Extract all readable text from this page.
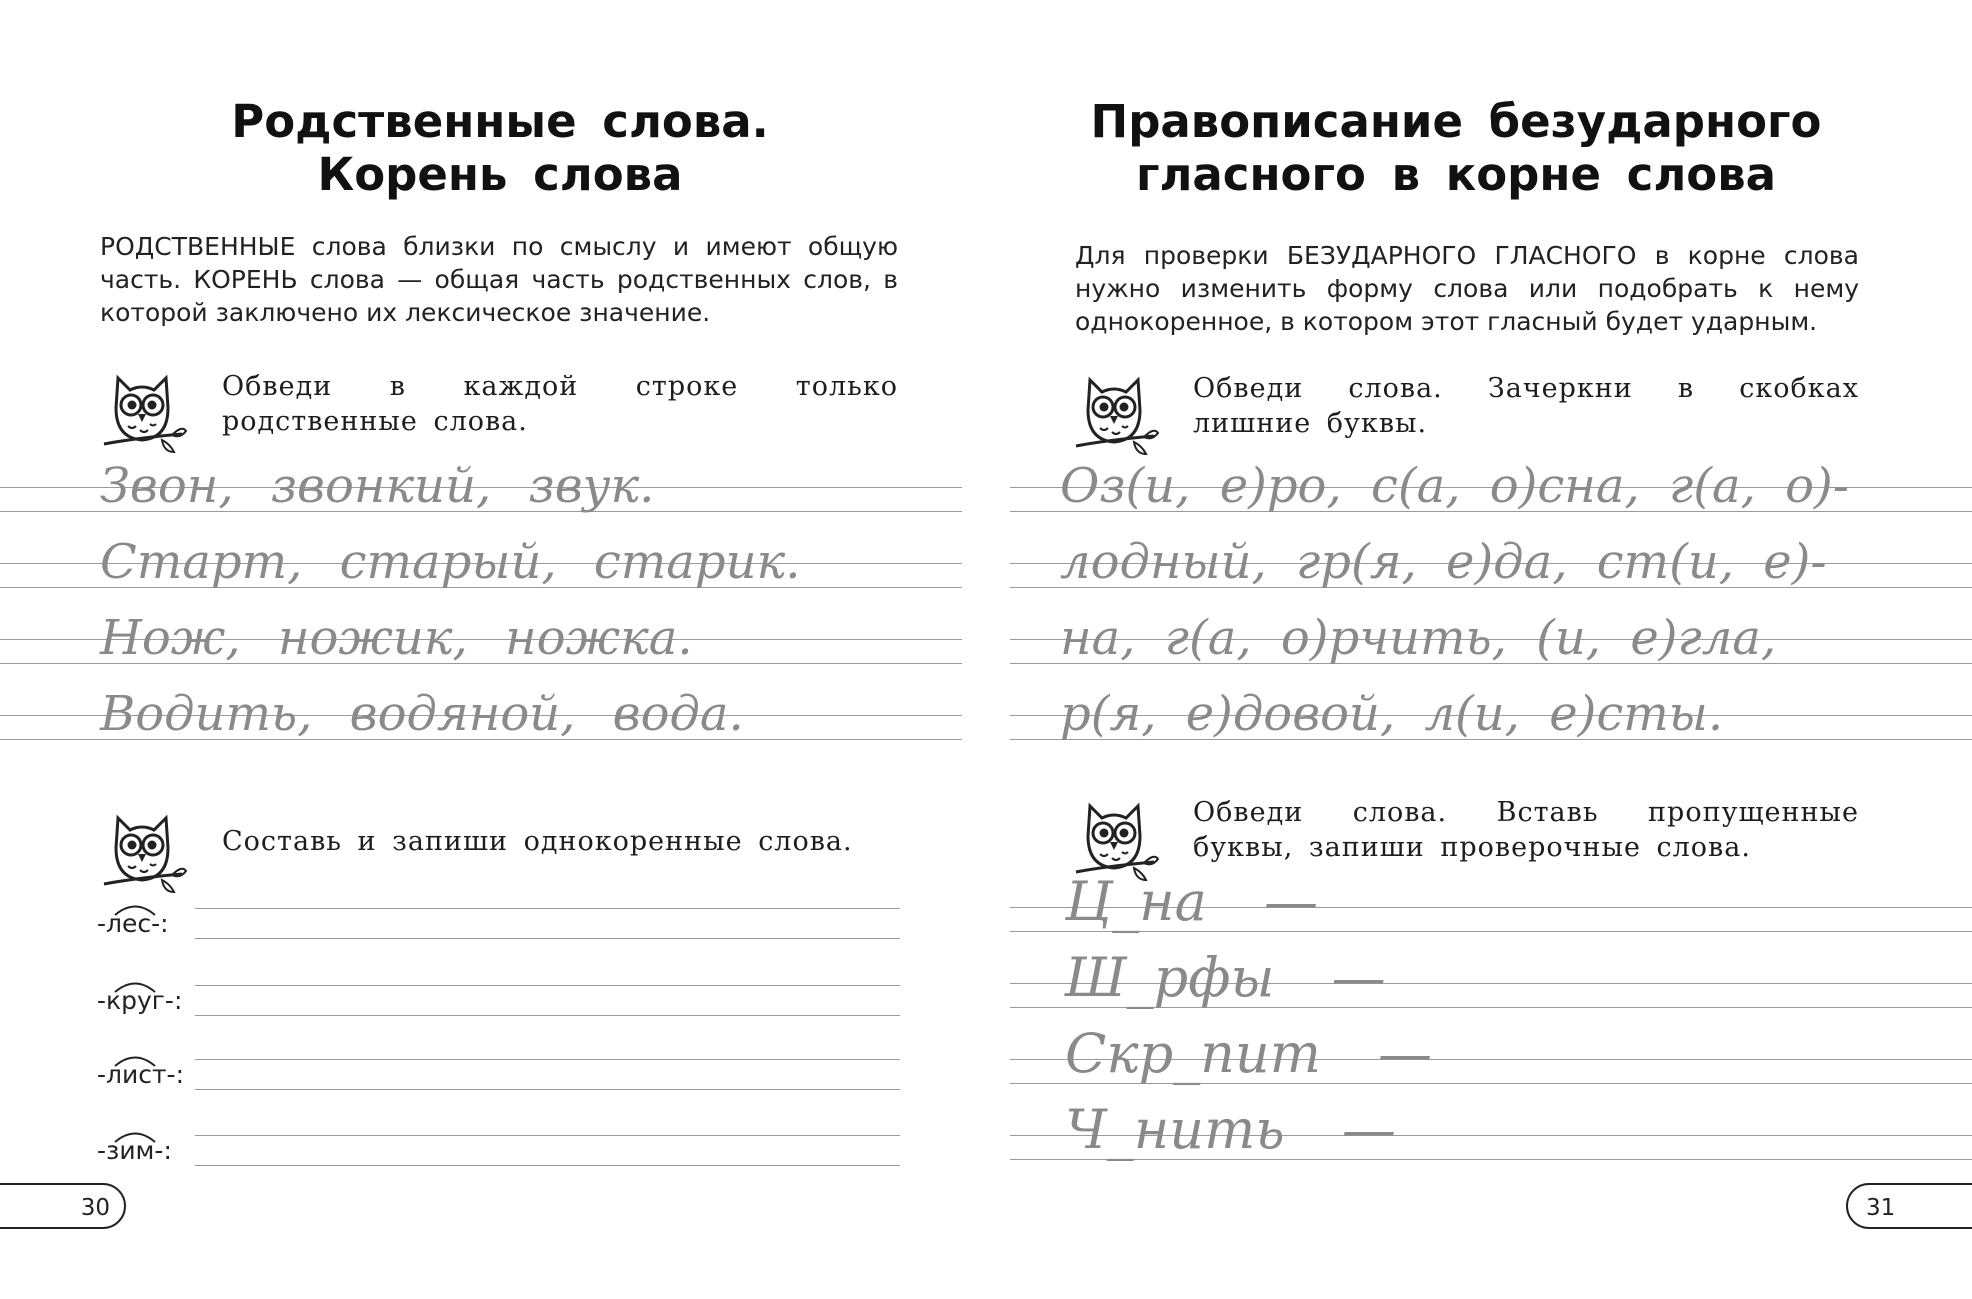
Родственные слова.
Корень слова

РОДСТВЕННЫЕ слова близки по смыслу и имеют общую часть. КОРЕНЬ слова — общая часть родственных слов, в которой заключено их лексическое значение.

Обведи в каждой строке только родственные слова.

Звон, звонкий, звук.
Старт, старый, старик.
Нож, ножик, ножка.
Водить, водяной, вода.

Составь и запиши однокоренные слова.

-лес-:
-круг-:
-лист-:
-зим-:
30
Правописание безударного
гласного в корне слова

Для проверки БЕЗУДАРНОГО ГЛАСНОГО в корне слова нужно изменить форму слова или подобрать к нему однокоренное, в котором этот гласный будет ударным.

Обведи слова. Зачеркни в скобках лишние буквы.

Оз(и, е)ро, с(а, о)сна, г(а, о)-
лодный, гр(я, е)да, ст(и, е)-
на, г(а, о)рчить, (и, е)гла,
р(я, е)довой, л(и, е)сты.

Обведи слова. Вставь пропущенные буквы, запиши проверочные слова.

Ц_на —
Ш_рфы —
Скр_пит —
Ч_нить —
31
